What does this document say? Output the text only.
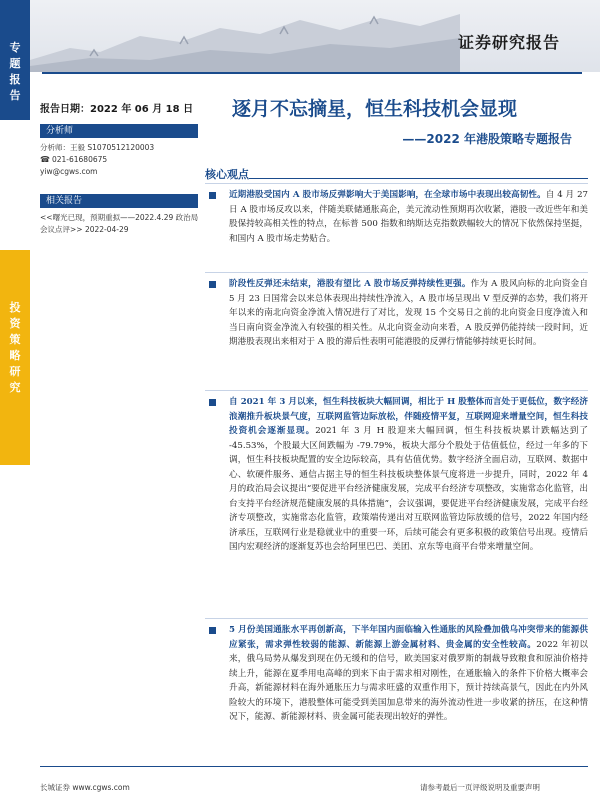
专
题
报
告
投
资
策
略
研
究
证券研究报告
报告日期：2022 年 06 月 18 日 逐月不忘摘星，恒生科技机会显现
——2022 年港股策略专题报告
分析师
分析师：王毅 S1070512120003
☎ 021-61680675
yiw@cgws.com
相关报告
<<曙光已现，预期重拟——2022.4.29 政治局会议点评>> 2022-04-29
核心观点

近期港股受国内 A 股市场反弹影响大于美国影响，在全球市场中表现出较高韧性。自 4 月 27 日 A 股市场反攻以来，伴随美联储通胀高企，美元流动性预期再次收紧，港股一改近些年和美股保持较高相关性的特点，在标普 500 指数和纳斯达克指数跌幅较大的情况下依然保持坚挺，和国内 A 股市场走势贴合。

阶段性反弹还未结束，港股有望比 A 股市场反弹持续性更强。作为 A 股风向标的北向资金自 5 月 23 日国常会以来总体表现出持续性净流入，A 股市场呈现出 V 型反弹的态势，我们将开年以来的南北向资金净流入情况进行了对比，发现 15 个交易日之前的北向资金日度净流入和当日南向资金净流入有较强的相关性。从北向资金动向来看，A 股反弹仍能持续一段时间，近期港股表现出来相对于 A 股的滞后性表明可能港股的反弹行情能够持续更长时间。

自 2021 年 3 月以来，恒生科技板块大幅回调，相比于 H 股整体而言处于更低位，数字经济浪潮推升板块景气度，互联网监管边际放松，伴随疫情平复，互联网迎来增量空间，恒生科技投资机会逐渐显现。2021 年 3 月 H 股迎来大幅回调，恒生科技板块累计跌幅达到了 -45.53%，个股最大区间跌幅为 -79.79%，板块大部分个股处于估值低位，经过一年多的下调，恒生科技板块配置的安全边际较高，具有估值优势。数字经济全面启动，互联网、数据中心、软硬件服务、通信占据主导的恒生科技板块整体景气度将进一步提升，同时，2022 年 4 月的政治局会议提出“要促进平台经济健康发展，完成平台经济专项整改，实施常态化监管，出台支持平台经济规范健康发展的具体措施”，会议强调，要促进平台经济健康发展，完成平台经济专项整改，实施常态化监管，政策端传递出对互联网监管边际放缓的信号，2022 年国内经济承压，互联网行业是稳就业中的重要一环，后续可能会有更多积极的政策信号出现。疫情后国内宏观经济的逐渐复苏也会给阿里巴巴、美团、京东等电商平台带来增量空间。

5 月份美国通胀水平再创新高，下半年国内面临输入性通胀的风险叠加俄乌冲突带来的能源供应紧张，需求弹性较弱的能源、新能源上游金属材料、贵金属的安全性较高。2022 年初以来，俄乌局势从爆发到现在仍无缓和的信号，欧美国家对俄罗斯的制裁导致粮食和原油价格持续上升，能源在夏季用电高峰的到来下由于需求相对刚性，在通胀输入的条件下价格大概率会升高，新能源材料在海外通胀压力与需求旺盛的双重作用下，预计持续高景气，因此在内外风险较大的环境下，港股整体可能受到美国加息带来的海外流动性进一步收紧的挤压，在这种情况下，能源、新能源材料、贵金属可能表现出较好的弹性。

长城证券 www.cgws.com	请参考最后一页评级说明及重要声明
